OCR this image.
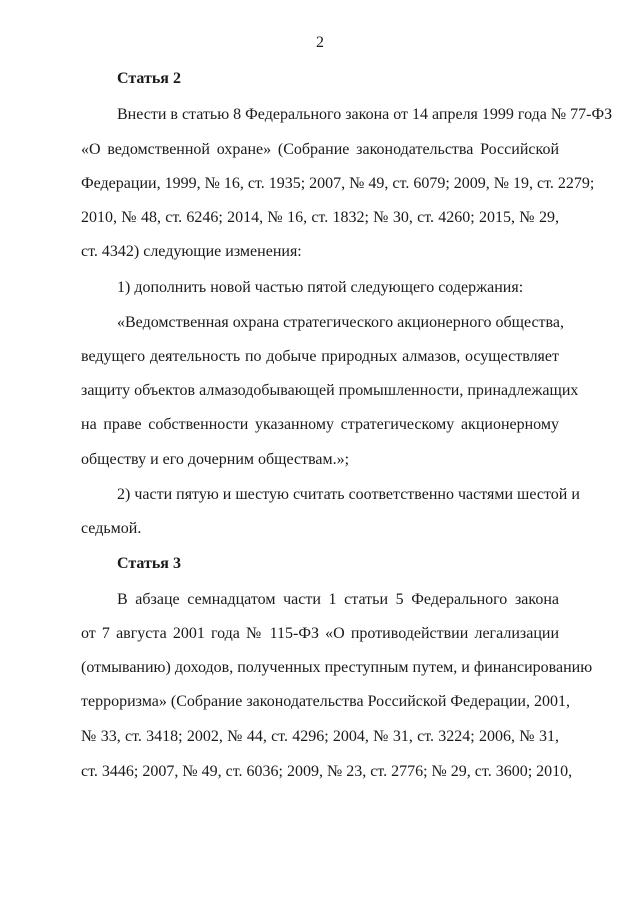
2
Статья 2
Внести в статью 8 Федерального закона от 14 апреля 1999 года № 77-ФЗ
«О ведомственной охране» (Собрание законодательства Российской
Федерации, 1999, № 16, ст. 1935; 2007, № 49, ст. 6079; 2009, № 19, ст. 2279;
2010, № 48, ст. 6246; 2014, № 16, ст. 1832; № 30, ст. 4260; 2015, № 29,
ст. 4342) следующие изменения:
1) дополнить новой частью пятой следующего содержания:
«Ведомственная охрана стратегического акционерного общества,
ведущего деятельность по добыче природных алмазов, осуществляет
защиту объектов алмазодобывающей промышленности, принадлежащих
на праве собственности указанному стратегическому акционерному
обществу и его дочерним обществам.»;
2) части пятую и шестую считать соответственно частями шестой и
седьмой.
Статья 3
В абзаце семнадцатом части 1 статьи 5 Федерального закона
от 7 августа 2001 года № 115-ФЗ «О противодействии легализации
(отмыванию) доходов, полученных преступным путем, и финансированию
терроризма» (Собрание законодательства Российской Федерации, 2001,
№ 33, ст. 3418; 2002, № 44, ст. 4296; 2004, № 31, ст. 3224; 2006, № 31,
ст. 3446; 2007, № 49, ст. 6036; 2009, № 23, ст. 2776; № 29, ст. 3600; 2010,
